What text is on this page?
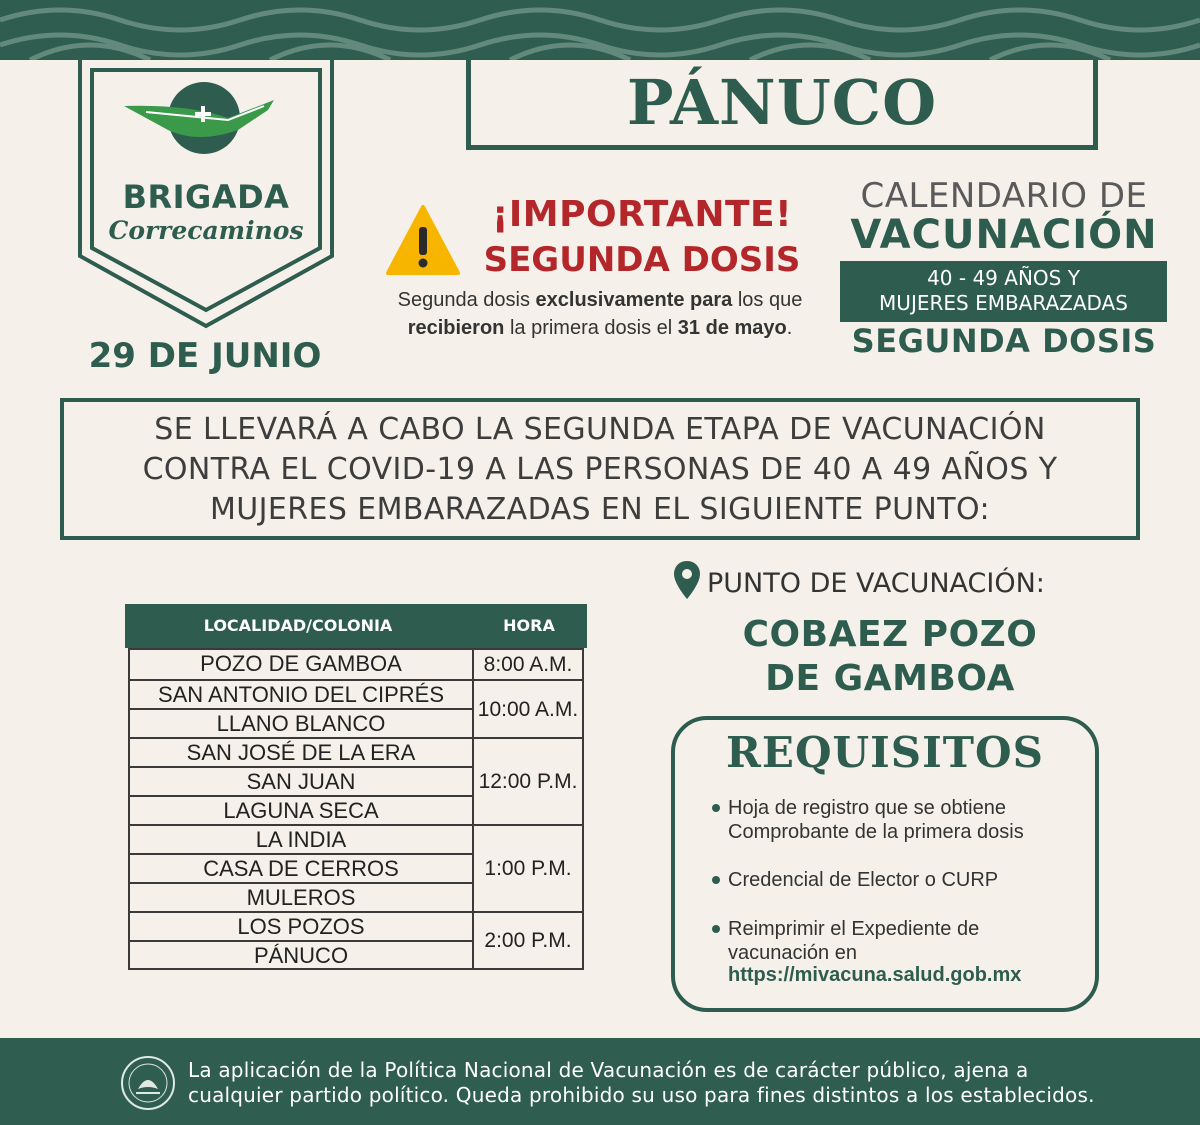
BRIGADA
Correcaminos
29 DE JUNIO
PÁNUCO
¡IMPORTANTE!
SEGUNDA DOSIS
Segunda dosis exclusivamente para los que
recibieron la primera dosis el 31 de mayo.
CALENDARIO DE
VACUNACIÓN
40 - 49 AÑOS Y
MUJERES EMBARAZADAS
SEGUNDA DOSIS
SE LLEVARÁ A CABO LA SEGUNDA ETAPA DE VACUNACIÓN
CONTRA EL COVID-19 A LAS PERSONAS DE 40 A 49 AÑOS Y
MUJERES EMBARAZADAS EN EL SIGUIENTE PUNTO:
LOCALIDAD/COLONIA	HORA
POZO DE GAMBOA
SAN ANTONIO DEL CIPRÉS
LLANO BLANCO
SAN JOSÉ DE LA ERA
SAN JUAN
LAGUNA SECA
LA INDIA
CASA DE CERROS
MULEROS
LOS POZOS
PÁNUCO
8:00 A.M.
10:00 A.M.
12:00 P.M.
1:00 P.M.
2:00 P.M.
PUNTO DE VACUNACIÓN:
COBAEZ POZO
DE GAMBOA
REQUISITOS
Hoja de registro que se obtiene
Comprobante de la primera dosis
Credencial de Elector o CURP
Reimprimir el Expediente de
vacunación en
https://mivacuna.salud.gob.mx
La aplicación de la Política Nacional de Vacunación es de carácter público, ajena a
cualquier partido político. Queda prohibido su uso para fines distintos a los establecidos.
